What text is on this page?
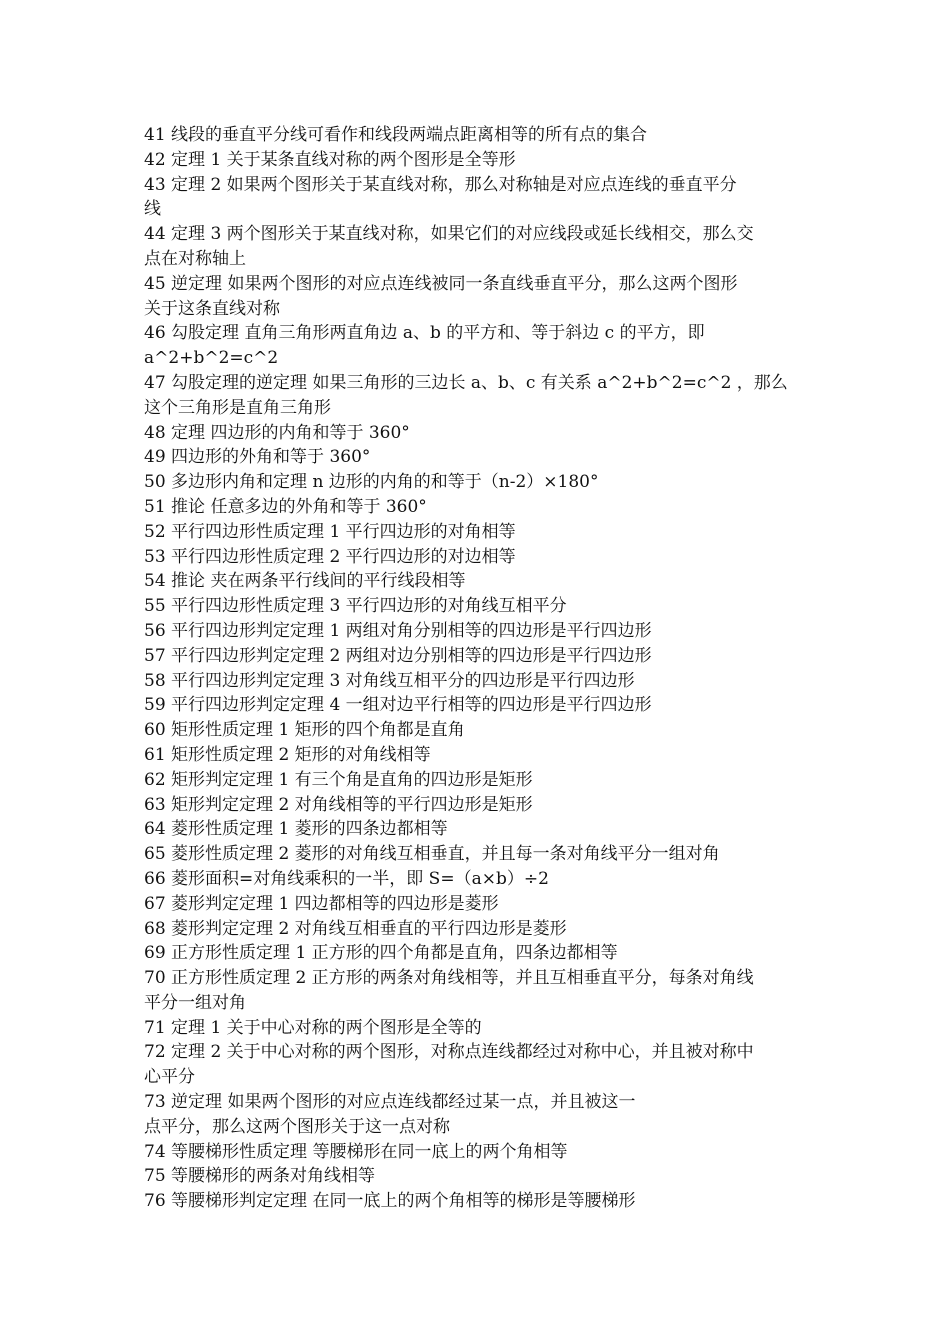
41 线段的垂直平分线可看作和线段两端点距离相等的所有点的集合
42 定理 1 关于某条直线对称的两个图形是全等形
43 定理 2 如果两个图形关于某直线对称，那么对称轴是对应点连线的垂直平分
线
44 定理 3 两个图形关于某直线对称，如果它们的对应线段或延长线相交，那么交
点在对称轴上
45 逆定理 如果两个图形的对应点连线被同一条直线垂直平分，那么这两个图形
关于这条直线对称
46 勾股定理 直角三角形两直角边 a、b 的平方和、等于斜边 c 的平方，即
a^2+b^2=c^2
47 勾股定理的逆定理 如果三角形的三边长 a、b、c 有关系 a^2+b^2=c^2 ，那么
这个三角形是直角三角形
48 定理 四边形的内角和等于 360°
49 四边形的外角和等于 360°
50 多边形内角和定理 n 边形的内角的和等于（n-2）×180°
51 推论 任意多边的外角和等于 360°
52 平行四边形性质定理 1 平行四边形的对角相等
53 平行四边形性质定理 2 平行四边形的对边相等
54 推论 夹在两条平行线间的平行线段相等
55 平行四边形性质定理 3 平行四边形的对角线互相平分
56 平行四边形判定定理 1 两组对角分别相等的四边形是平行四边形
57 平行四边形判定定理 2 两组对边分别相等的四边形是平行四边形
58 平行四边形判定定理 3 对角线互相平分的四边形是平行四边形
59 平行四边形判定定理 4 一组对边平行相等的四边形是平行四边形
60 矩形性质定理 1 矩形的四个角都是直角
61 矩形性质定理 2 矩形的对角线相等
62 矩形判定定理 1 有三个角是直角的四边形是矩形
63 矩形判定定理 2 对角线相等的平行四边形是矩形
64 菱形性质定理 1 菱形的四条边都相等
65 菱形性质定理 2 菱形的对角线互相垂直，并且每一条对角线平分一组对角
66 菱形面积=对角线乘积的一半，即 S=（a×b）÷2
67 菱形判定定理 1 四边都相等的四边形是菱形
68 菱形判定定理 2 对角线互相垂直的平行四边形是菱形
69 正方形性质定理 1 正方形的四个角都是直角，四条边都相等
70 正方形性质定理 2 正方形的两条对角线相等，并且互相垂直平分，每条对角线
平分一组对角
71 定理 1 关于中心对称的两个图形是全等的
72 定理 2 关于中心对称的两个图形，对称点连线都经过对称中心，并且被对称中
心平分
73 逆定理 如果两个图形的对应点连线都经过某一点，并且被这一
点平分，那么这两个图形关于这一点对称
74 等腰梯形性质定理 等腰梯形在同一底上的两个角相等
75 等腰梯形的两条对角线相等
76 等腰梯形判定定理 在同一底上的两个角相等的梯形是等腰梯形
